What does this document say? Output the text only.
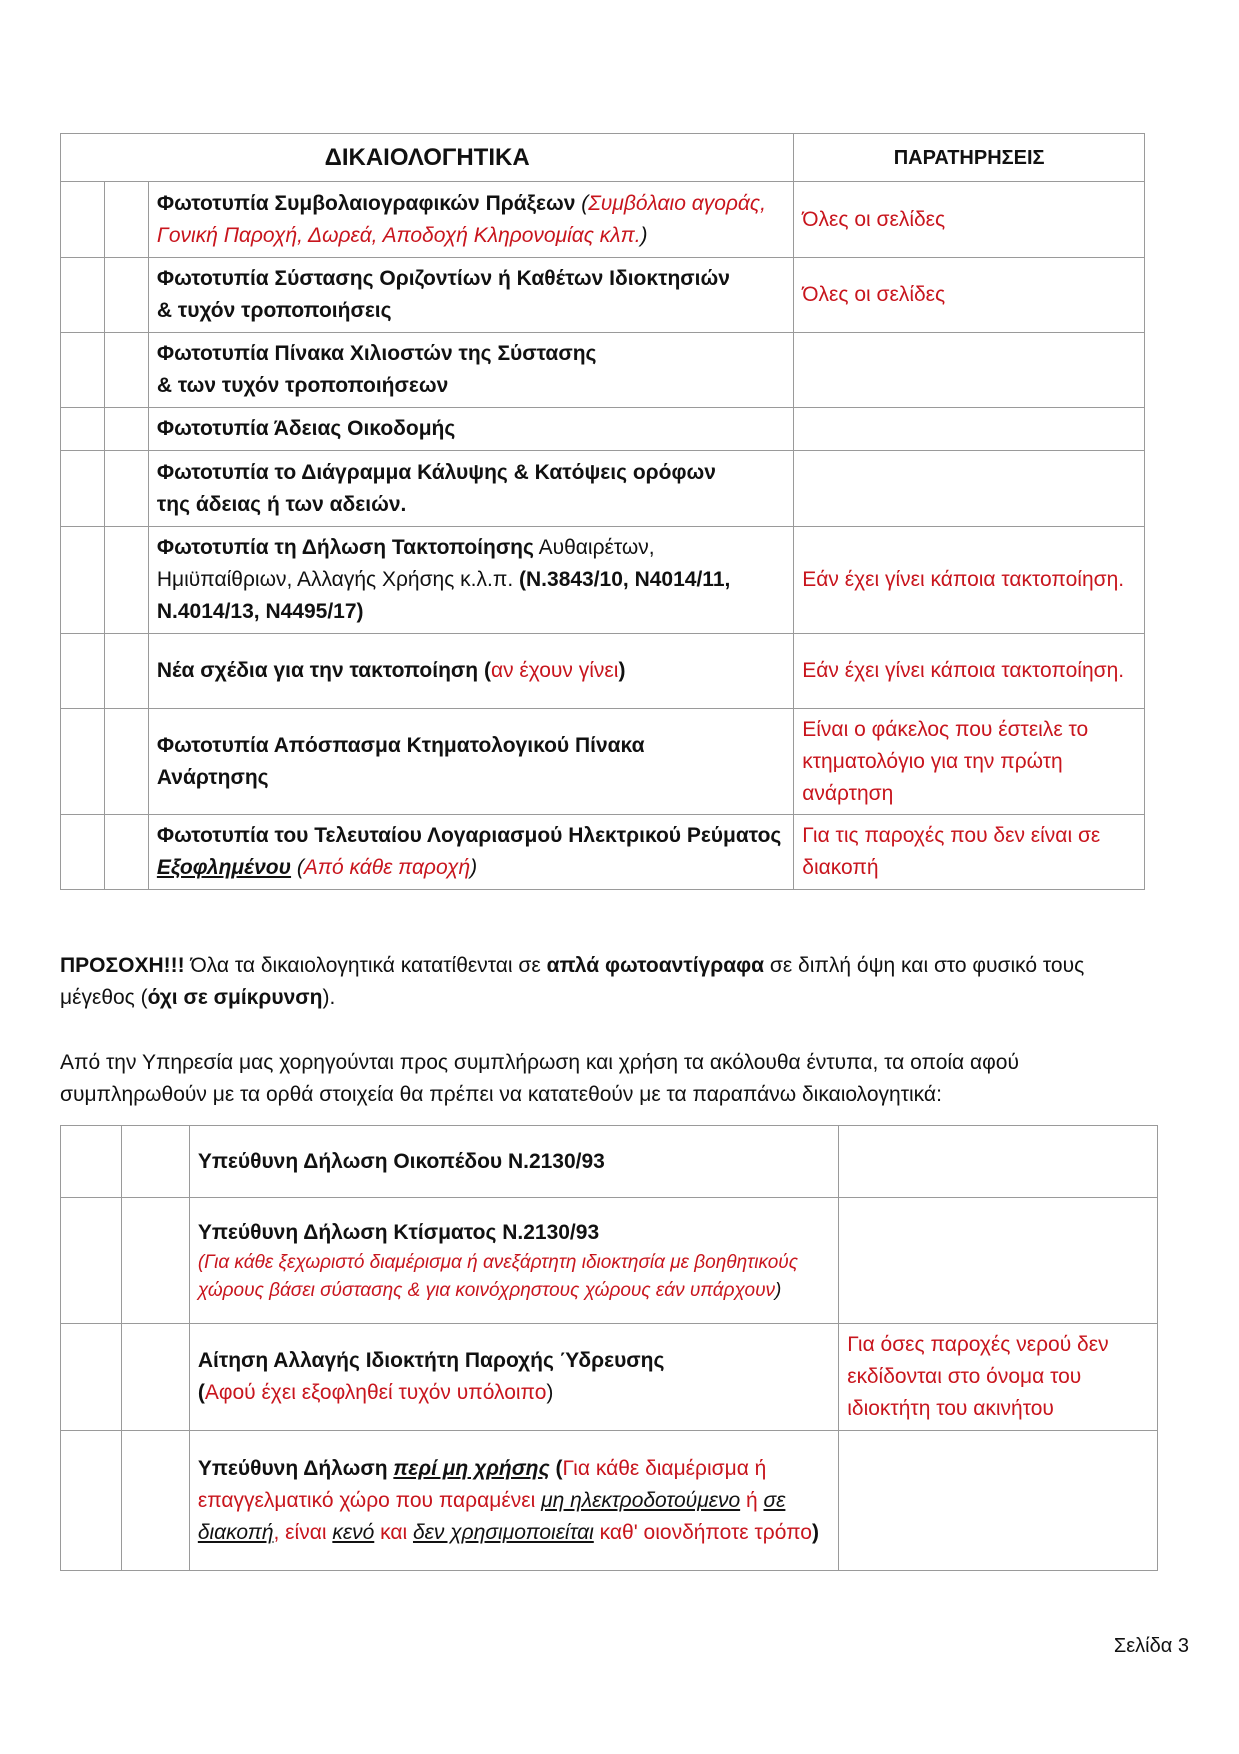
ΔΙΚΑΙΟΛΟΓΗΤΙΚΑ			ΠΑΡΑΤΗΡΗΣΕΙΣ
		Φωτοτυπία Συμβολαιογραφικών Πράξεων (Συμβόλαιο αγοράς, Γονική Παροχή, Δωρεά, Αποδοχή Κληρονομίας κλπ.)	Όλες οι σελίδες

		Φωτοτυπία Σύστασης Οριζοντίων ή Καθέτων Ιδιοκτησιών
& τυχόν τροποποιήσεις	Όλες οι σελίδες

		Φωτοτυπία Πίνακα Χιλιοστών της Σύστασης
& των τυχόν τροποποιήσεων	

		Φωτοτυπία Άδειας Οικοδομής	

		Φωτοτυπία το Διάγραμμα Κάλυψης & Κατόψεις ορόφων
της άδειας ή των αδειών.	

		Φωτοτυπία τη Δήλωση Τακτοποίησης Αυθαιρέτων, Ημιϋπαίθριων, Αλλαγής Χρήσης κ.λ.π. (Ν.3843/10, Ν4014/11, Ν.4014/13, Ν4495/17)	Εάν έχει γίνει κάποια τακτοποίηση.
		Νέα σχέδια για την τακτοποίηση (αν έχουν γίνει)	Εάν έχει γίνει κάποια τακτοποίηση.

		Φωτοτυπία Απόσπασμα Κτηματολογικού Πίνακα
Ανάρτησης	Είναι ο φάκελος που έστειλε το κτηματολόγιο για την πρώτη ανάρτηση
		Φωτοτυπία του Τελευταίου Λογαριασμού Ηλεκτρικού Ρεύματος Εξοφλημένου (Από κάθε παροχή)	Για τις παροχές που δεν είναι σε διακοπή
ΠΡΟΣΟΧΗ!!! Όλα τα δικαιολογητικά κατατίθενται σε απλά φωτοαντίγραφα σε διπλή όψη και στο φυσικό τους μέγεθος (όχι σε σμίκρυνση).
Από την Υπηρεσία μας χορηγούνται προς συμπλήρωση και χρήση τα ακόλουθα έντυπα, τα οποία αφού συμπληρωθούν με τα ορθά στοιχεία θα πρέπει να κατατεθούν με τα παραπάνω δικαιολογητικά:
		Υπεύθυνη Δήλωση Οικοπέδου Ν.2130/93	

		Υπεύθυνη Δήλωση Κτίσματος Ν.2130/93
(Για κάθε ξεχωριστό διαμέρισμα ή ανεξάρτητη ιδιοκτησία με βοηθητικούς χώρους βάσει σύστασης & για κοινόχρηστους χώρους εάν υπάρχουν)	

		Αίτηση Αλλαγής Ιδιοκτήτη Παροχής Ύδρευσης
(Αφού έχει εξοφληθεί τυχόν υπόλοιπο)	Για όσες παροχές νερού δεν εκδίδονται στο όνομα του ιδιοκτήτη του ακινήτου
		Υπεύθυνη Δήλωση περί μη χρήσης (Για κάθε διαμέρισμα ή επαγγελματικό χώρο που παραμένει μη ηλεκτροδοτούμενο ή σε διακοπή, είναι κενό και δεν χρησιμοποιείται καθ' οιονδήποτε τρόπο)	
Σελίδα 3
